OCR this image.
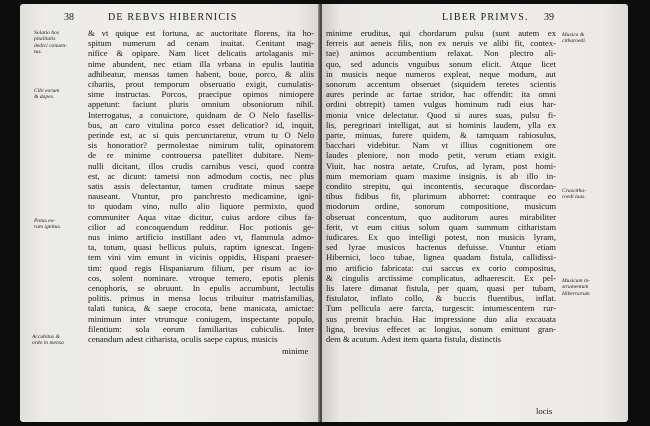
38	DE REBVS HIBERNICIS
Solatio hos
pitalitatis
dedici conuen-
tus.
Cibi eorum
& dapes.
Potus eo-
rum ignitus.
Accubitus &
ordo in mensa
& vt quique est fortuna, ac auctoritate florens, ita ho-
spitum numerum ad cenam inuitat. Cenitant mag-
nifice & opipare. Nam licet delicatis artolaganis mi-
nime abundent, nec etiam illa vrbana in epulis lautitia
adhibeatur, mensas tamen habent, boue, porco, & aliis
cibariis, prout temporum obseruatio exigit, cumulatis-
sime instructas. Porcos, praecipue opimos nimiopere
appetunt: faciunt pluris omnium obsoniorum nihil.
Interrogatus, a conuictore, quidnam de O Nelo fasellis-
bus, an caro vitulina porco esset delicatior? id, inquit,
perinde est, ac si quis percunctaretur, vtrum tu O Nelo
sis honoratior? permolestae nimirum tulit, opinatorem
de re minime controuersa patellitet dubitare. Nem-
nulli dicitant, illos crudis carnibus vesci, quod contra
est, ac dicunt: tametsi non admodum coctis, nec plus
satis assis delectantur, tamen cruditate minus saepe
nauseant. Vtuntur, pro panchresto medicamine, igni-
to quodam vino, nullo alio liquore permixto, quod
communiter Aqua vitae dicitur, cuius ardore cibus fa-
cilior ad concoquendum redditur. Hoc potionis ge-
nus inimo artificio instillant adeo vt, flammula admo-
ta, totum, quasi bellicus puluis, raptim ignescat. Ingen-
tem vini vim emunt in vicinis oppidis, Hispani praeser-
tim: quod regis Hispaniarum filium, per risum ac io-
cos, solent nominare. vtroque temero, epotis plenis
cenophoris, se obruunt. In epulis accumbunt, lectulis
politis. primus in mensa locus tribuitur matrisfamilias,
talati tunica, & saepe crocota, bene manicata, amictae:
minimum inter vtrumque coniugem, inspectante populo,
filentium: sola eorum familiaritas cubiculis. Inter
cenandum adest citharista, oculis saepe captus, musicis
minime
LIBER PRIMVS. 39
Musica &
citharoedi.
Cruscitha-
roedi laus.
Musicum in-
strumentum
Hibernorum
minime eruditus, qui chordarum pulsu (sunt autem ex
ferreis aut aeneis filis, non ex neruis ve alibi fit, contex-
tae) animos accumbentium relaxat. Non plectro ali-
quo, sed aduncis vnguibus sonum elicit. Atque licet
in musicis neque numeros expleat, neque modum, aut
sonorum accentum obseruet (siquidem teretes scientis
aures perinde ac fartae stridor, hac offendit: ita omni
ordini obtrepit) tamen vulgus hominum rudi eius har-
monia vnice delectatur. Quod si aures suas, pulsu fi-
lis, peregrinari intelligat, aut si hominis laudem, ylla ex
parte, minuas, furere quidem, & tamquam rabiosulus,
bacchari videbitur. Nam vt illius cognitionem ore
laudes pleniore, non modo petit, verum etiam exigit.
Viuit, hac nostra aetate, Crufus, ad lyram, post homi-
num memoriam quam maxime insignis. is ab illo in-
condito strepitu, qui incontentis, securaque discordan-
tibus fidibus fit, plurimum abhorret: contraque eo
modorum ordine, sonorum compositione, musicum
obseruat concentum, quo auditorum aures mirabiliter
ferit, vt eum citius solum quam summum citharistam
iudicares. Ex quo intelligi potest, non musicis lyram,
sed lyrae musicos hactenus defuisse. Vtuntur etiam
Hibernici, loco tubae, lignea quadam fistula, callidissi-
mo artificio fabricata: cui saccus ex corio compositus,
& cingulis arctissime complicatus, adhaerescit. Ex pel-
lis latere dimanat fistula, per quam, quasi per tubam,
fistulator, inflato collo, & buccis fluentibus, inflat.
Tum pellicula aere farcta, turgescit: intumescentem rur-
sus premit brachio. Hac impressione duo alia excauata
ligna, brevius effecet ac longius, sonum emittunt gran-
dem & acutum. Adest item quarta fistula, distinctis
locis
